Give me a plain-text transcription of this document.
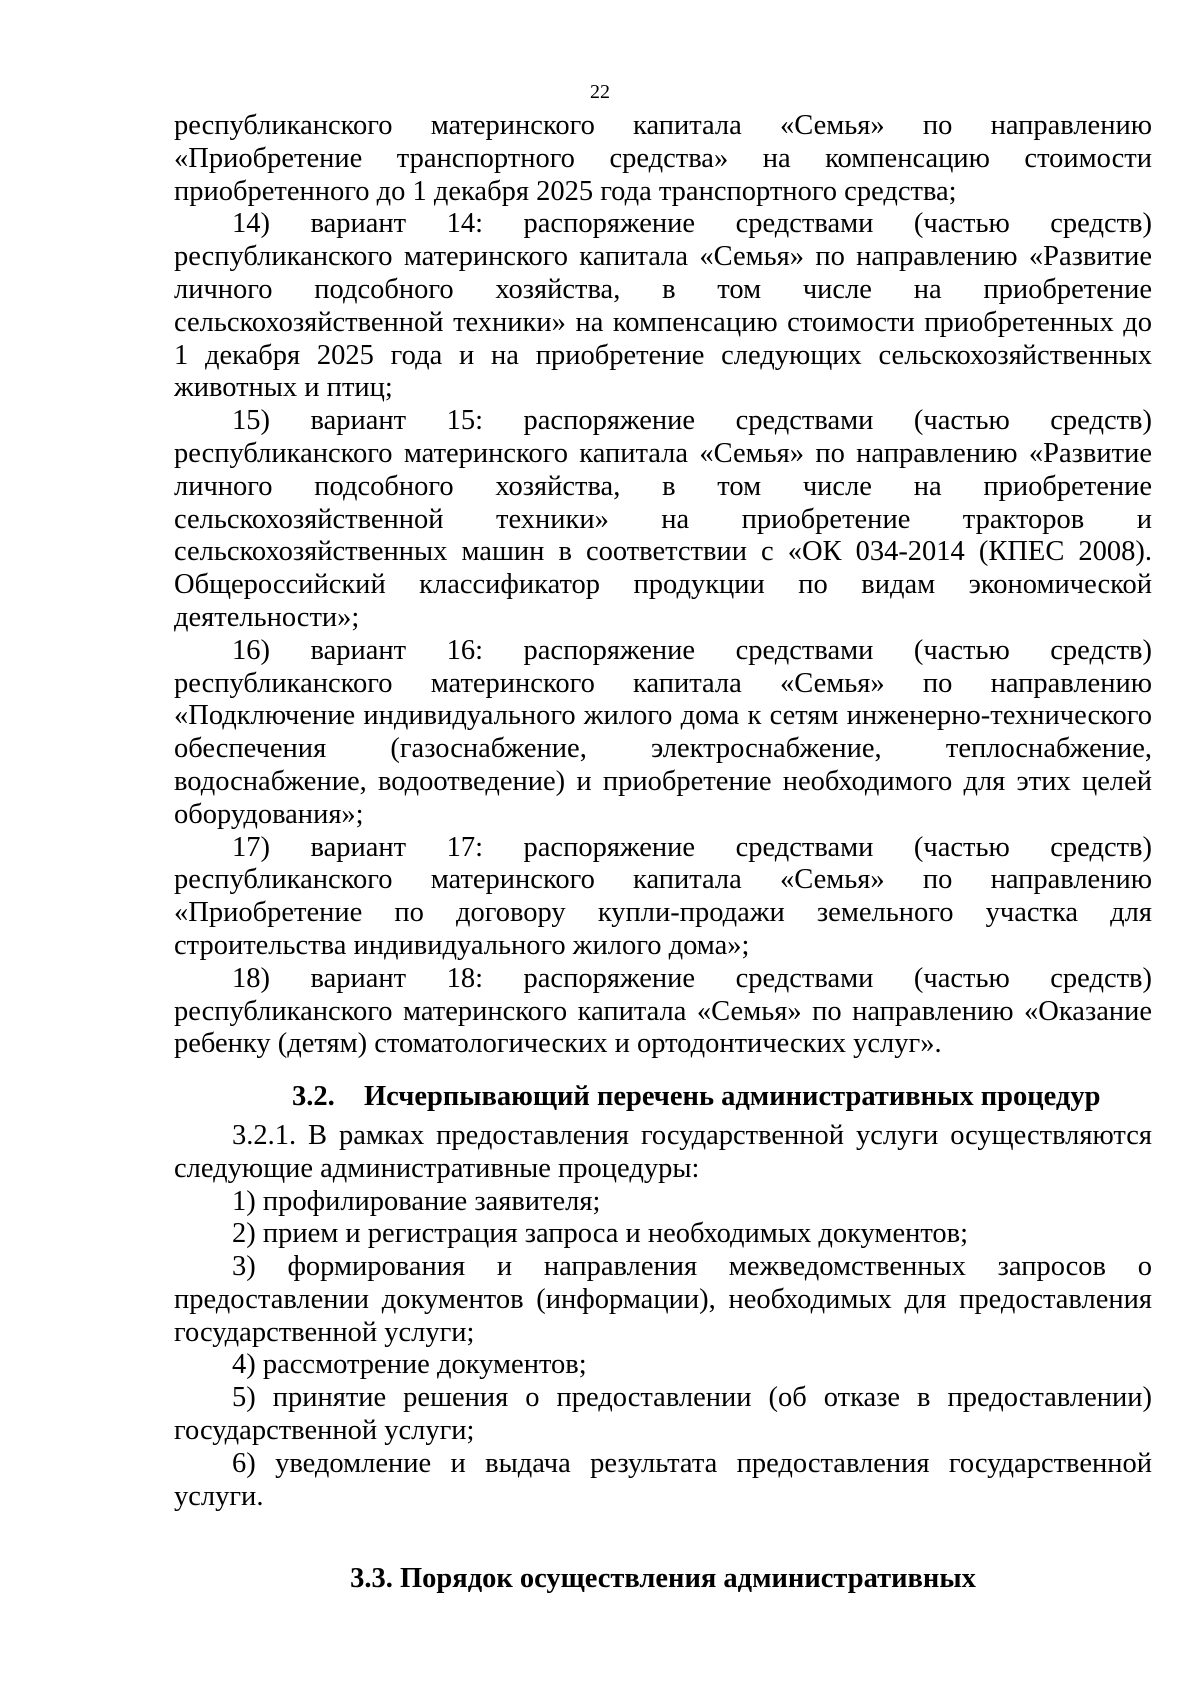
22

республиканского материнского капитала «Семья» по направлению «Приобретение транспортного средства» на компенсацию стоимости приобретенного до 1 декабря 2025 года транспортного средства;

14) вариант 14: распоряжение средствами (частью средств) республиканского материнского капитала «Семья» по направлению «Развитие личного подсобного хозяйства, в том числе на приобретение сельскохозяйственной техники» на компенсацию стоимости приобретенных до 1 декабря 2025 года и на приобретение следующих сельскохозяйственных животных и птиц;

15) вариант 15: распоряжение средствами (частью средств) республиканского материнского капитала «Семья» по направлению «Развитие личного подсобного хозяйства, в том числе на приобретение сельскохозяйственной техники» на приобретение тракторов и сельскохозяйственных машин в соответствии с «ОК 034-2014 (КПЕС 2008). Общероссийский классификатор продукции по видам экономической деятельности»;

16) вариант 16: распоряжение средствами (частью средств) республиканского материнского капитала «Семья» по направлению «Подключение индивидуального жилого дома к сетям инженерно-технического обеспечения (газоснабжение, электроснабжение, теплоснабжение, водоснабжение, водоотведение) и приобретение необходимого для этих целей оборудования»;

17) вариант 17: распоряжение средствами (частью средств) республиканского материнского капитала «Семья» по направлению «Приобретение по договору купли-продажи земельного участка для строительства индивидуального жилого дома»;

18) вариант 18: распоряжение средствами (частью средств) республиканского материнского капитала «Семья» по направлению «Оказание ребенку (детям) стоматологических и ортодонтических услуг».

3.2. Исчерпывающий перечень административных процедур

3.2.1. В рамках предоставления государственной услуги осуществляются следующие административные процедуры:

1) профилирование заявителя;

2) прием и регистрация запроса и необходимых документов;

3) формирования и направления межведомственных запросов о предоставлении документов (информации), необходимых для предоставления государственной услуги;

4) рассмотрение документов;

5) принятие решения о предоставлении (об отказе в предоставлении) государственной услуги;

6) уведомление и выдача результата предоставления государственной услуги.

3.3. Порядок осуществления административных
